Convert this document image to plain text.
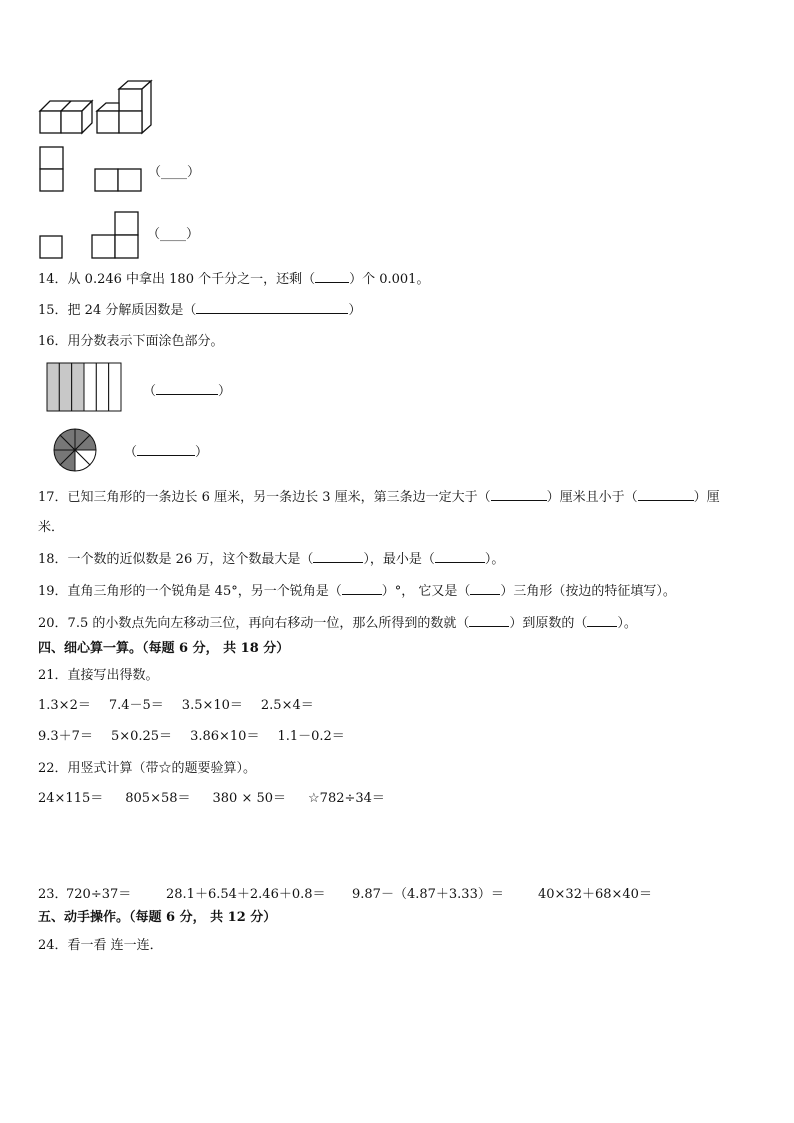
（____）
（____）
14．从 0.246 中拿出 180 个千分之一，还剩（	）个 0.001。
15．把 24 分解质因数是（	）
16．用分数表示下面涂色部分。
（	）
（	）
17．已知三角形的一条边长 6 厘米，另一条边长 3 厘米，第三条边一定大于（	）厘米且小于（	）厘
米．
18．一个数的近似数是 26 万，这个数最大是（	），最小是（	）。
19．直角三角形的一个锐角是 45°，另一个锐角是（	）°， 它又是（ ）三角形（按边的特征填写）。
20．7.5 的小数点先向左移动三位，再向右移动一位，那么所得到的数就（	）到原数的（ ）。
四、细心算一算。（每题 6 分， 共 18 分）
21．直接写出得数。
1.3×2＝ 7.4－5＝ 3.5×10＝ 2.5×4＝
9.3＋7＝ 5×0.25＝ 3.86×10＝ 1.1－0.2＝
22．用竖式计算（带☆的题要验算）。
24×115＝ 805×58＝ 380 × 50＝ ☆782÷34＝
23．
720÷37＝	28.1＋6.54＋2.46＋0.8＝ 9.87－（4.87＋3.33）＝	40×32＋68×40＝
五、动手操作。（每题 6 分， 共 12 分）
24．看一看 连一连．
